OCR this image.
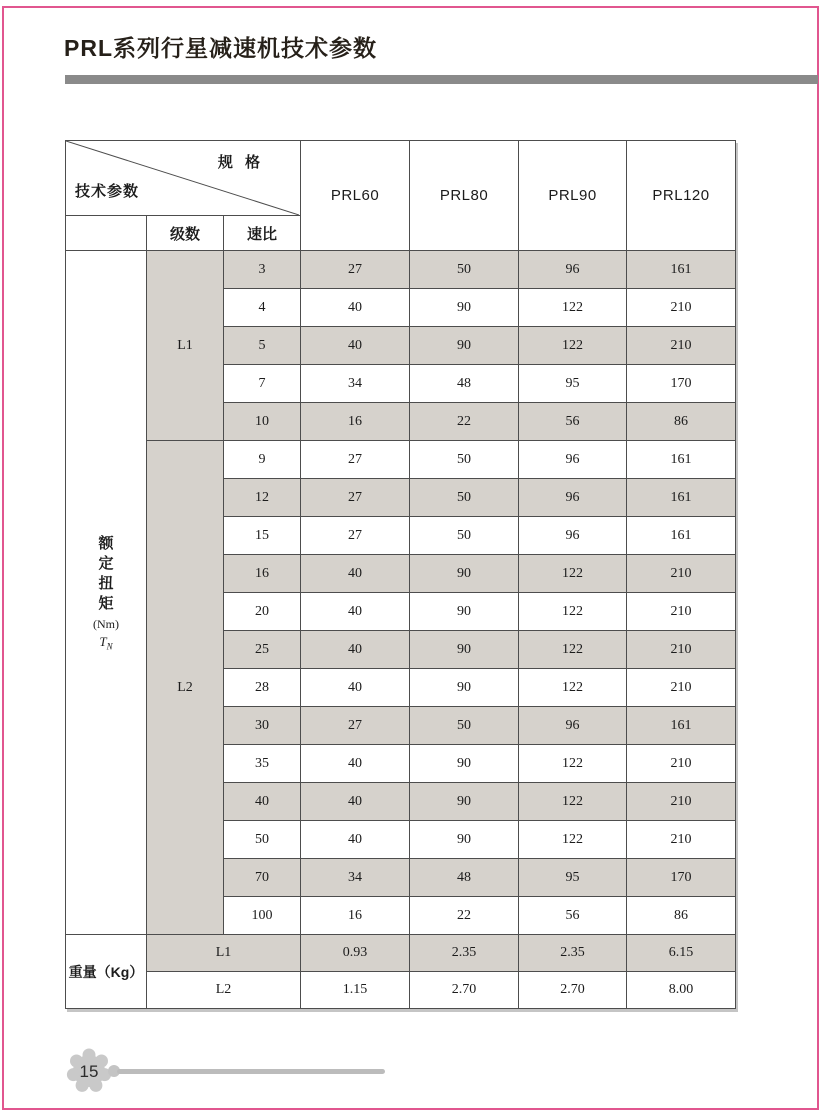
PRL系列行星减速机技术参数
规 格
技术参数			PRL60	PRL80	PRL90	PRL120
	级数	速比				

额定扭矩
(Nm)
$T_N$	L1	3	27	50	96	161
		4	40	90	122	210
		5	40	90	122	210
		7	34	48	95	170
		10	16	22	56	86
	L2	9	27	50	96	161
		12	27	50	96	161
		15	27	50	96	161
		16	40	90	122	210
		20	40	90	122	210
		25	40	90	122	210
		28	40	90	122	210
		30	27	50	96	161
		35	40	90	122	210
		40	40	90	122	210
		50	40	90	122	210
		70	34	48	95	170
		100	16	22	56	86
重量（Kg）	L1		0.93	2.35	2.35	6.15
	L2		1.15	2.70	2.70	8.00
15
